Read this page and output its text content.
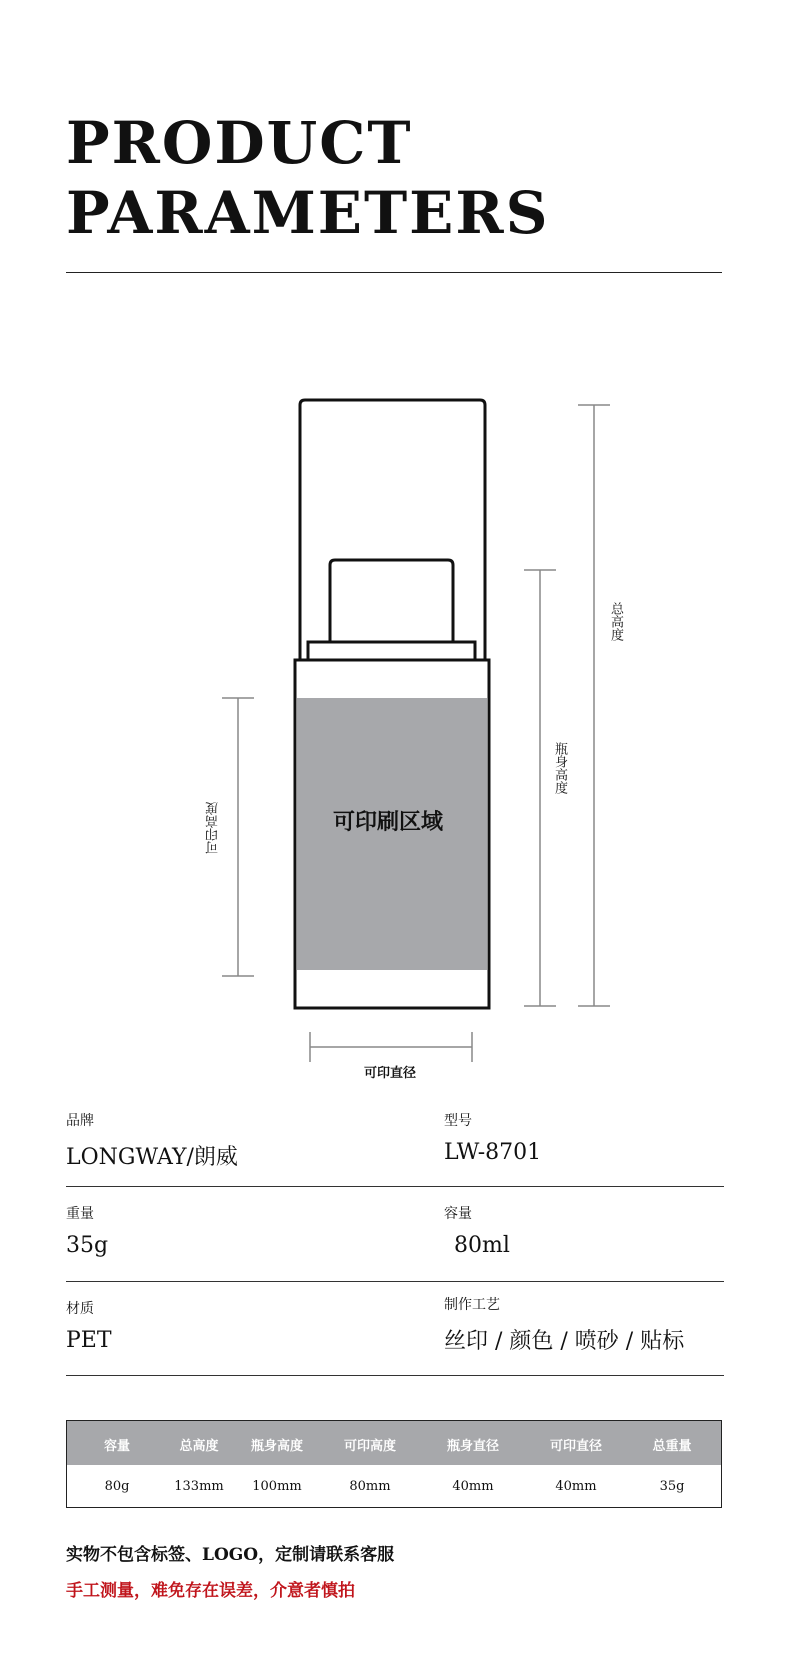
PRODUCT
PARAMETERS
可印刷区域
可印高度
瓶身高度
总高度
可印直径
品牌
LONGWAY/朗威
型号
LW-8701
重量
35g
容量
80ml
材质
PET
制作工艺
丝印 / 颜色 / 喷砂 / 贴标
容量	总高度	瓶身高度	可印高度	瓶身直径	可印直径	总重量
80g	133mm	100mm	80mm	40mm	40mm	35g
实物不包含标签、LOGO，定制请联系客服
手工测量，难免存在误差，介意者慎拍
